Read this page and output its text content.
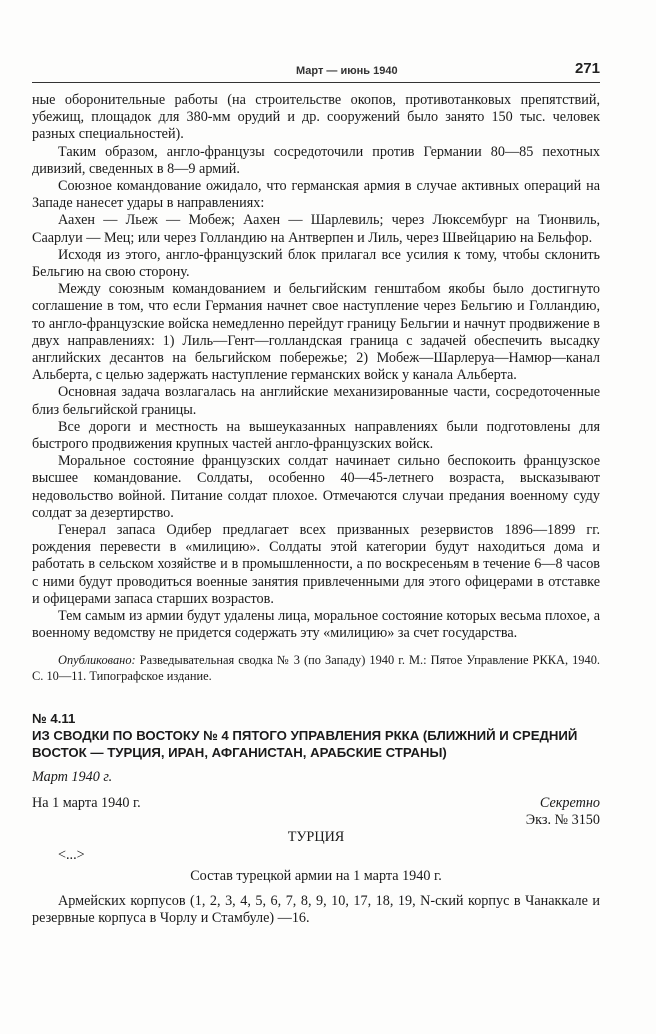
Март — июнь 1940	271

ные оборонительные работы (на строительстве окопов, противотанковых препятствий, убежищ, площадок для 380-мм орудий и др. сооружений было занято 150 тыс. человек разных специальностей).

Таким образом, англо-французы сосредоточили против Германии 80—85 пехотных дивизий, сведенных в 8—9 армий.

Союзное командование ожидало, что германская армия в случае активных операций на Западе нанесет удары в направлениях:

Аахен — Льеж — Мобеж; Аахен — Шарлевиль; через Люксембург на Тионвиль, Саарлуи — Мец; или через Голландию на Антверпен и Лиль, через Швейцарию на Бельфор.

Исходя из этого, англо-французский блок прилагал все усилия к тому, чтобы склонить Бельгию на свою сторону.

Между союзным командованием и бельгийским генштабом якобы было достигнуто соглашение в том, что если Германия начнет свое наступление через Бельгию и Голландию, то англо-французские войска немедленно перейдут границу Бельгии и начнут продвижение в двух направлениях: 1) Лиль—Гент—голландская граница с задачей обеспечить высадку английских десантов на бельгийском побережье; 2) Мобеж—Шарлеруа—Намюр—канал Альберта, с целью задержать наступление германских войск у канала Альберта.

Основная задача возлагалась на английские механизированные части, сосредоточенные близ бельгийской границы.

Все дороги и местность на вышеуказанных направлениях были подготовлены для быстрого продвижения крупных частей англо-французских войск.

Моральное состояние французских солдат начинает сильно беспокоить французское высшее командование. Солдаты, особенно 40—45-летнего возраста, высказывают недовольство войной. Питание солдат плохое. Отмечаются случаи предания военному суду солдат за дезертирство.

Генерал запаса Одибер предлагает всех призванных резервистов 1896—1899 гг. рождения перевести в «милицию». Солдаты этой категории будут находиться дома и работать в сельском хозяйстве и в промышленности, а по воскресеньям в течение 6—8 часов с ними будут проводиться военные занятия привлеченными для этого офицерами в отставке и офицерами запаса старших возрастов.

Тем самым из армии будут удалены лица, моральное состояние которых весьма плохое, а военному ведомству не придется содержать эту «милицию» за счет государства.

Опубликовано: Разведывательная сводка № 3 (по Западу) 1940 г. М.: Пятое Управление РККА, 1940. С. 10—11. Типографское издание.

№ 4.11
ИЗ СВОДКИ ПО ВОСТОКУ № 4 ПЯТОГО УПРАВЛЕНИЯ РККА (БЛИЖНИЙ И СРЕДНИЙ ВОСТОК — ТУРЦИЯ, ИРАН, АФГАНИСТАН, АРАБСКИЕ СТРАНЫ)
Март 1940 г.
На 1 марта 1940 г.	Секретно
Экз. № 3150
ТУРЦИЯ
<...>
Состав турецкой армии на 1 марта 1940 г.

Армейских корпусов (1, 2, 3, 4, 5, 6, 7, 8, 9, 10, 17, 18, 19, N-ский корпус в Чанаккале и резервные корпуса в Чорлу и Стамбуле) —16.
